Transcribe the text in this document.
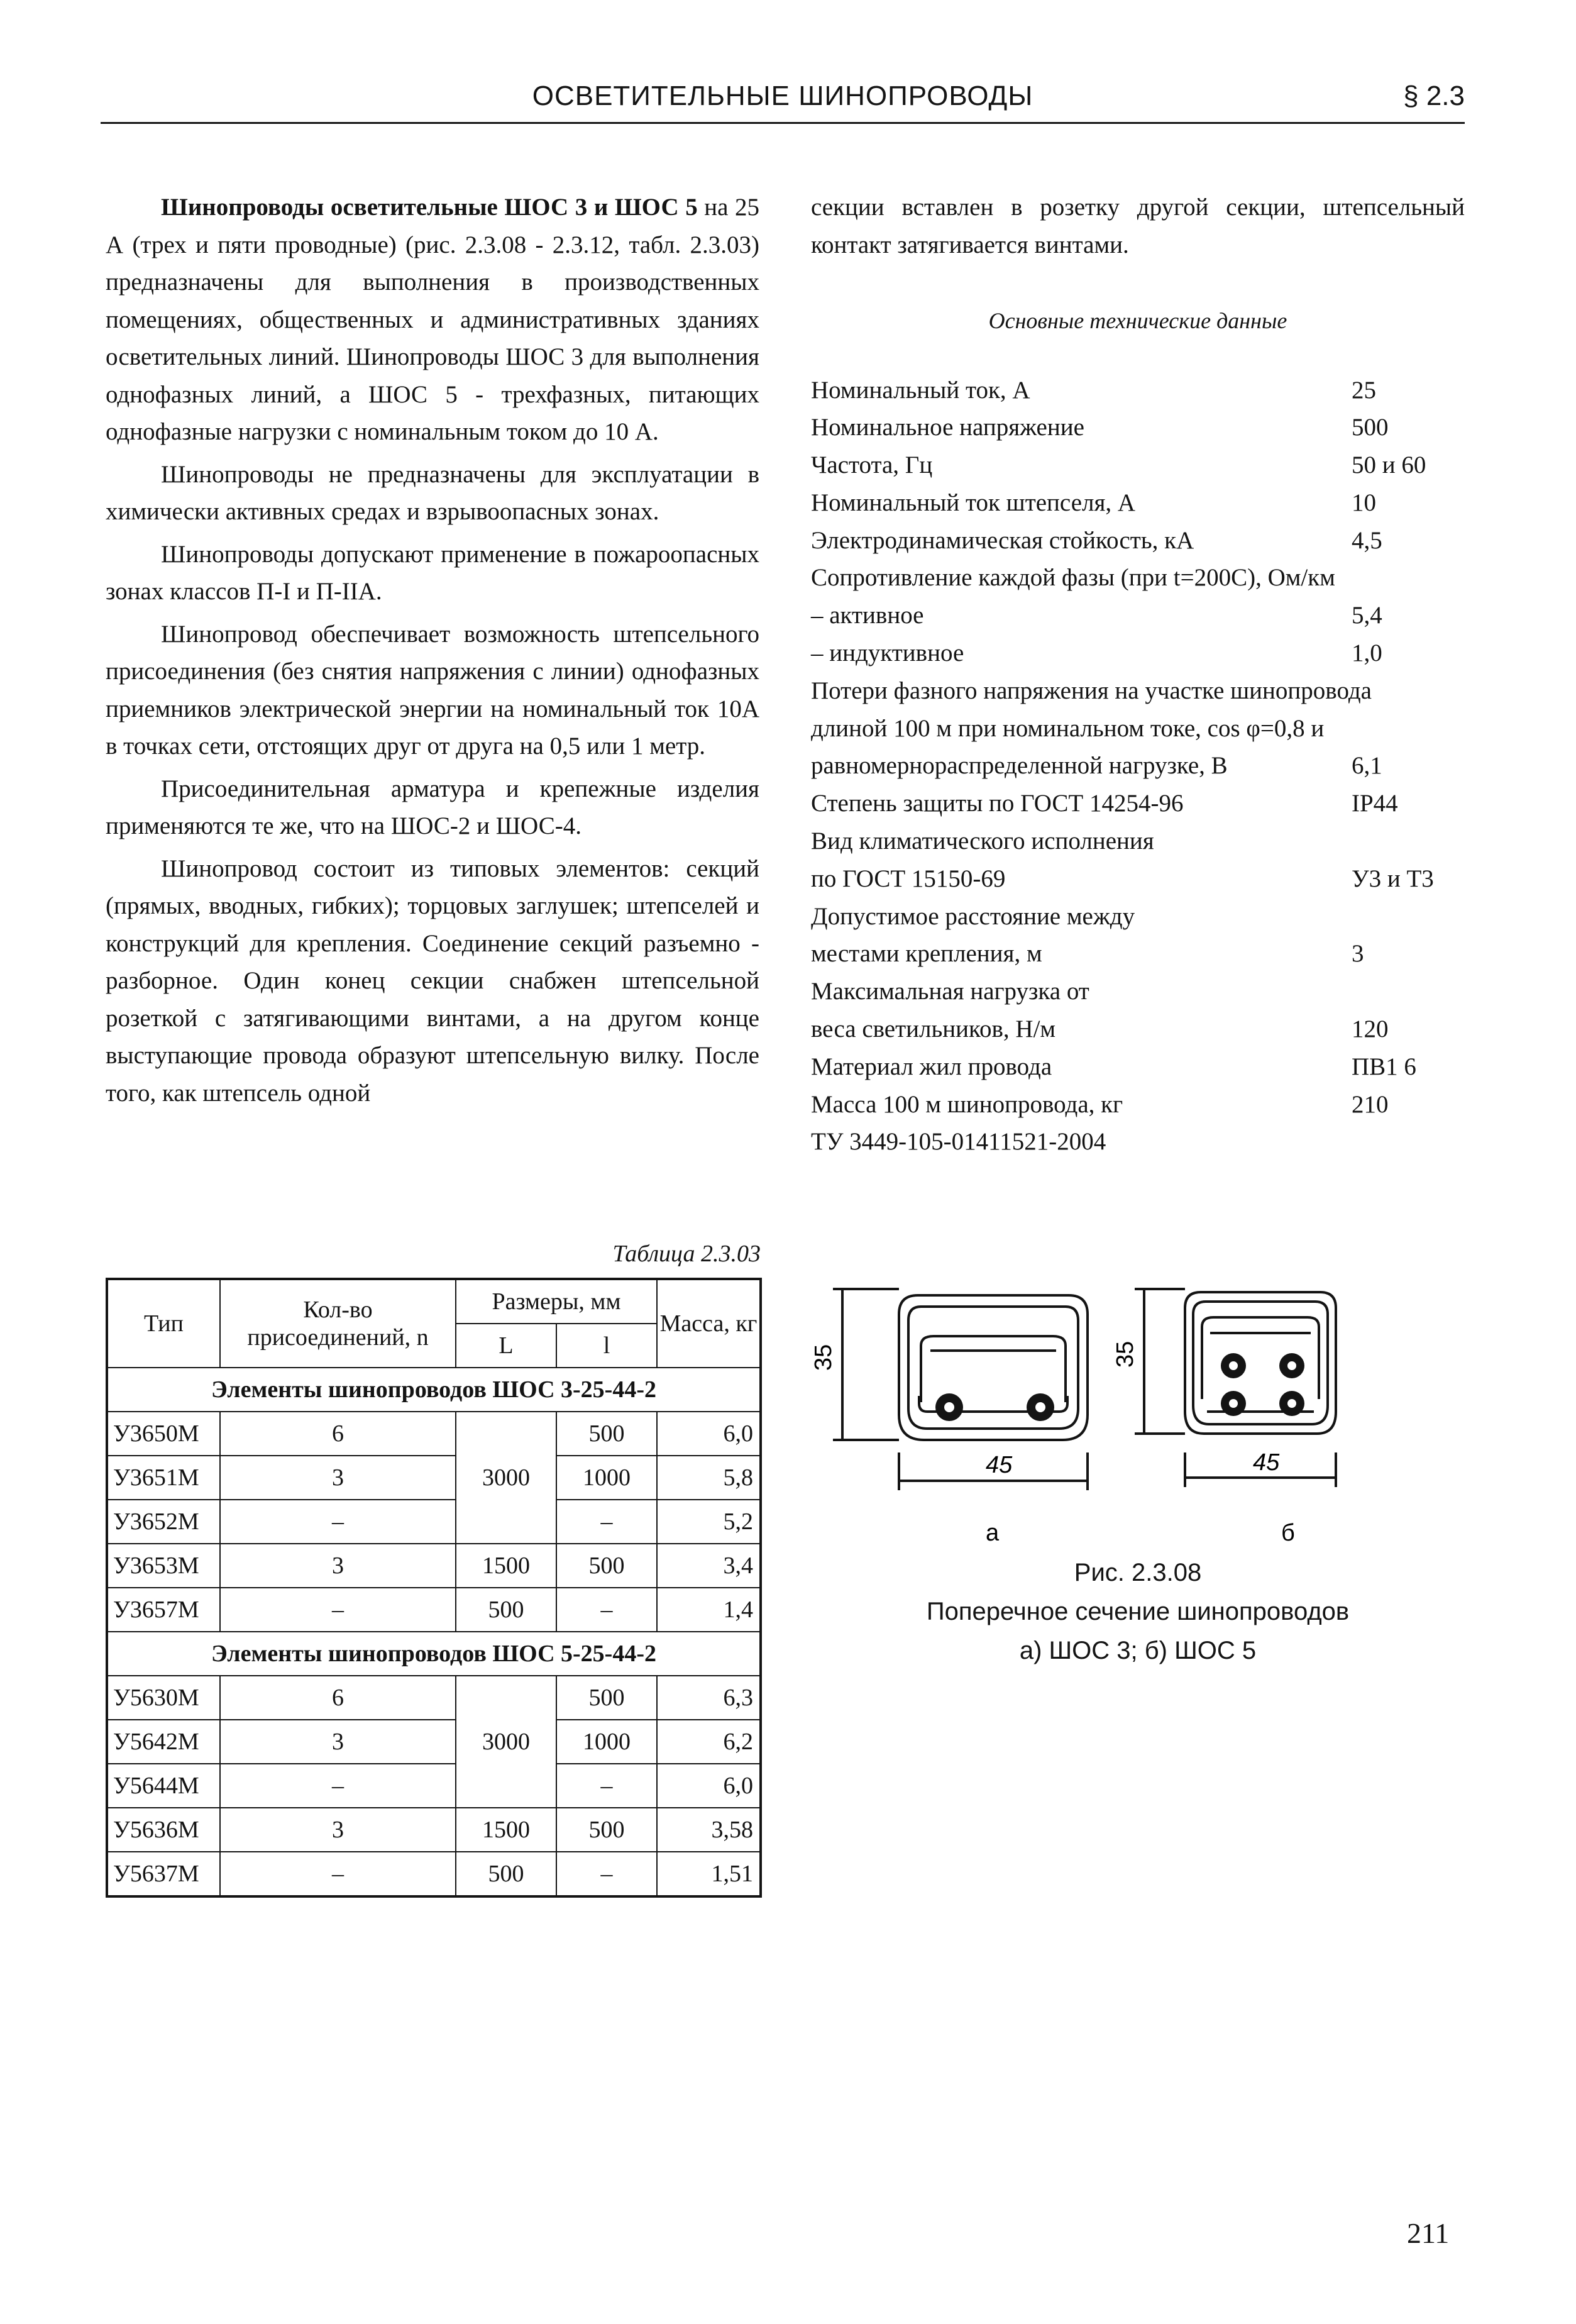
ОСВЕТИТЕЛЬНЫЕ ШИНОПРОВОДЫ	§ 2.3

Шинопроводы осветительные ШОС 3 и ШОС 5 на 25 А (трех и пяти проводные) (рис. 2.3.08 - 2.3.12, табл. 2.3.03) предназначены для выполнения в производственных помещениях, общественных и административных зданиях осветительных линий. Шинопроводы ШОС 3 для выполнения однофазных линий, а ШОС 5 - трехфазных, питающих однофазные нагрузки с номинальным током до 10 А.

Шинопроводы не предназначены для эксплуатации в химически активных средах и взрывоопасных зонах.

Шинопроводы допускают применение в пожароопасных зонах классов П-I и П-IIА.

Шинопровод обеспечивает возможность штепсельного присоединения (без снятия напряжения с линии) однофазных приемников электрической энергии на номинальный ток 10А в точках сети, отстоящих друг от друга на 0,5 или 1 метр.

Присоединительная арматура и крепежные изделия применяются те же, что на ШОС-2 и ШОС-4.

Шинопровод состоит из типовых элементов: секций (прямых, вводных, гибких); торцовых заглушек; штепселей и конструкций для крепления. Соединение секций разъемно - разборное. Один конец секции снабжен штепсельной розеткой с затягивающими винтами, а на другом конце выступающие провода образуют штепсельную вилку. После того, как штепсель одной

секции вставлен в розетку другой секции, штепсельный контакт затягивается винтами.

Основные технические данные
Номинальный ток, А	25
Номинальное напряжение	500
Частота, Гц	50 и 60
Номинальный ток штепселя, А	10
Электродинамическая стойкость, кА	4,5
Сопротивление каждой фазы (при t=200С), Ом/км
– активное	5,4
– индуктивное	1,0
Потери фазного напряжения на участке шинопровода
длиной 100 м при номинальном токе, cos φ=0,8 и
равномернораспределенной нагрузке, В	6,1
Степень защиты по ГОСТ 14254-96	IP44
Вид климатического исполнения
по ГОСТ 15150-69	У3 и Т3
Допустимое расстояние между
местами крепления, м	3
Максимальная нагрузка от
веса светильников, Н/м	120
Материал жил провода	ПВ1 6
Масса 100 м шинопровода, кг	210
ТУ 3449-105-01411521-2004
Таблица 2.3.03
Тип	Кол-во присоединений, n	Размеры, мм		Масса, кг
		L	l	
Элементы шинопроводов ШОС 3-25-44-2				
У3650М	6	3000	500	6,0
У3651М	3		1000	5,8
У3652М	–		–	5,2
У3653М	3	1500	500	3,4
У3657М	–	500	–	1,4
Элементы шинопроводов ШОС 5-25-44-2				
У5630М	6	3000	500	6,3
У5642М	3		1000	6,2
У5644М	–		–	6,0
У5636М	3	1500	500	3,58
У5637М	–	500	–	1,51
35	35
45	45
а	б
Рис. 2.3.08
Поперечное сечение шинопроводов
а) ШОС 3; б) ШОС 5
211
